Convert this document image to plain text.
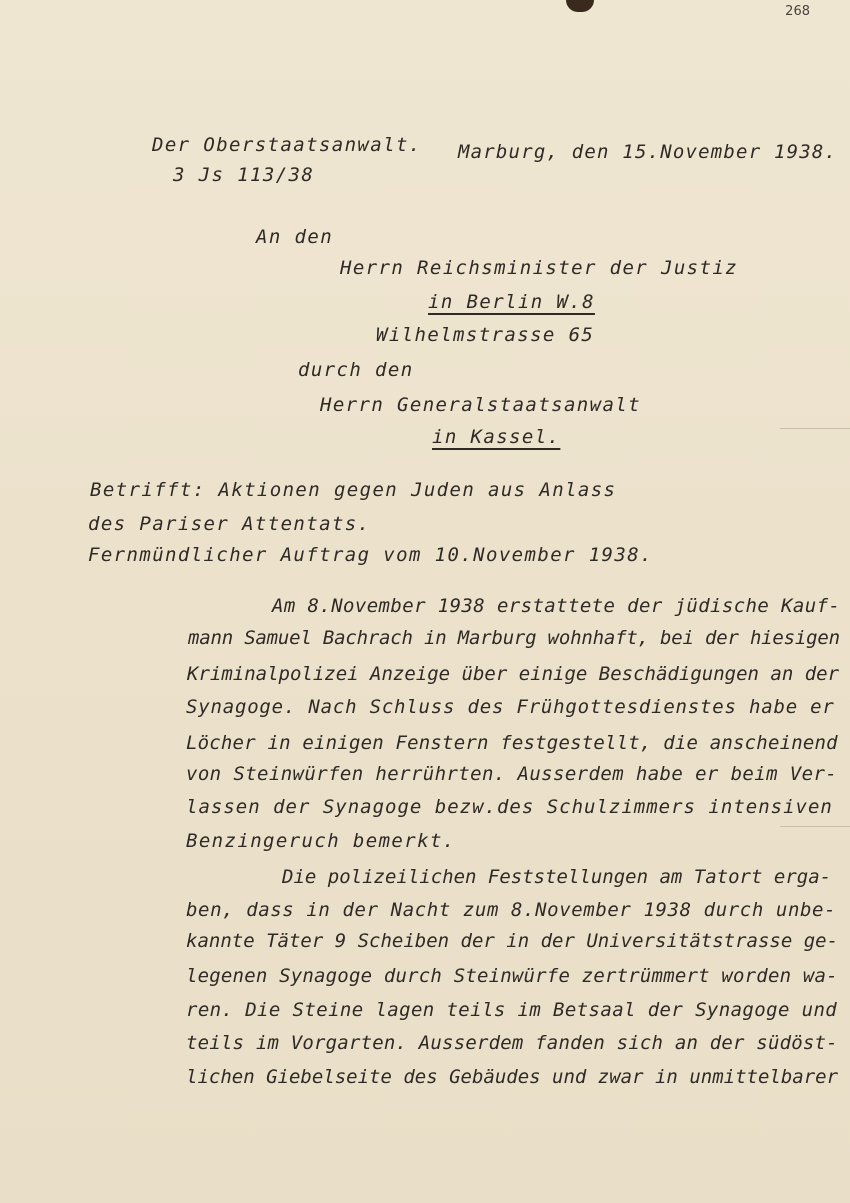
268
Der Oberstaatsanwalt. Marburg, den 15.November 1938.
3 Js 113/38
An den
Herrn Reichsminister der Justiz
in Berlin W.8
Wilhelmstrasse 65
durch den
Herrn Generalstaatsanwalt
in Kassel.
Betrifft: Aktionen gegen Juden aus Anlass
des Pariser Attentats.
Fernmündlicher Auftrag vom 10.November 1938.
Am 8.November 1938 erstattete der jüdische Kauf-
mann Samuel Bachrach in Marburg wohnhaft, bei der hiesigen
Kriminalpolizei Anzeige über einige Beschädigungen an der
Synagoge. Nach Schluss des Frühgottesdienstes habe er
Löcher in einigen Fenstern festgestellt, die anscheinend
von Steinwürfen herrührten. Ausserdem habe er beim Ver-
lassen der Synagoge bezw.des Schulzimmers intensiven
Benzingeruch bemerkt.
Die polizeilichen Feststellungen am Tatort erga-
ben, dass in der Nacht zum 8.November 1938 durch unbe-
kannte Täter 9 Scheiben der in der Universitätstrasse ge-
legenen Synagoge durch Steinwürfe zertrümmert worden wa-
ren. Die Steine lagen teils im Betsaal der Synagoge und
teils im Vorgarten. Ausserdem fanden sich an der südöst-
lichen Giebelseite des Gebäudes und zwar in unmittelbarer
